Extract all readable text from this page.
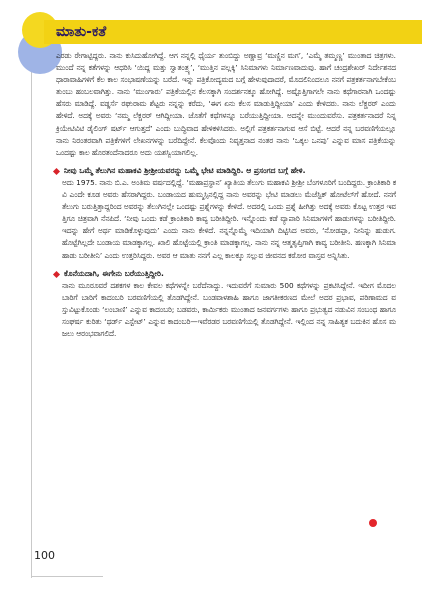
ಮಾತು-ಕತೆ

ಎರಡು ರೇಗಾಟ್ಟಿದ್ದರು. ನಾನು ಕುಸಿದುಹೋಗಿದ್ದೆ. ಆಗ ನನ್ನಲ್ಲಿ ಧೈರ್ಯ ತುಂಬಿದ್ದು ಅಣ್ಣಾವ್ರ ‘ಮಣ್ಣಿನ ಮಗ’, ‘ಎಮ್ಮೆ ತಮ್ಮಣ್ಣ’ ಮುಂತಾದ ಚಿತ್ರಗಳು. ಮುಂದೆ ನನ್ನ ಕತೆಗಳನ್ನು ಆಧರಿಸಿ ‘ಯಿದ್ದ ಮತ್ತು ಸ್ವಾತಂತ್ರ್ಯ’, ‘ಮುತ್ತಿನ ಪಲ್ಲಕ್ಕಿ’ ಸಿನಿಮಾಗಳು ನಿರ್ಮಾಣವಾದುವು. ಹಾಗೆ ಚಂದ್ರಶೇಖರ್ ನಿರ್ದೇಶನದ ಧಾರಾವಾಹಿಗಳಿಗೆ ಕೆಲ ಕಾಲ ಸಂಭಾಷಣೆಯನ್ನು ಬರೆದೆ. ಇನ್ನು ಪತ್ರಿಕೋದ್ಯಮದ ಬಗ್ಗೆ ಹೇಳುವುದಾದರೆ, ಮೊದಲಿನಿಂದಲೂ ನನಗೆ ಪತ್ರಕರ್ತನಾಗಬೇಕೆಂಬ ತುಂಬು ಹಂಬಲವಾಗಿತ್ತು. ನಾನು ‘ಮುಂಗಾರು’ ಪತ್ರಿಕೆಯಲ್ಲಿನ ಕೆಲಸಕ್ಕಾಗಿ ಸಂದರ್ಶನಕ್ಕೂ ಹೋಗಿದ್ದೆ. ಅಷ್ಟೊತ್ತಿಗಾಗಲೇ ನಾನು ಕಥೆಗಾರನಾಗಿ ಒಂದಷ್ಟು ಹೆಸರು ಮಾಡಿದ್ದೆ. ವಡ್ಡರ್ಸೆ ರಘುರಾಮ ಶೆಟ್ಟರು ನನ್ನನ್ನು ಕರೆದು, ‘ಈಗ ಏನು ಕೆಲಸ ಮಾಡುತ್ತಿದ್ದೀಯಾ’ ಎಂದು ಕೇಳಿದರು. ನಾನು ಲೆಕ್ಚರರ್ ಎಂದು ಹೇಳಿದೆ. ಅದಕ್ಕೆ ಅವರು ‘ನಮ್ಮ ಲೆಕ್ಚರರ್ ಆಗಿದ್ದೀಯಾ. ಜೊತೆಗೆ ಕಥೆಗಳನ್ನೂ ಬರೆಯುತ್ತಿದ್ದೀಯಾ. ಅದನ್ನೇ ಮುಂದುವರೆಸು. ಪತ್ರಕರ್ತನಾದರೆ ನಿನ್ನ ಕ್ರಿಯೇಟಿವಿಟಿ ಡೈಲಿಂಗ್ ಷರ್ಟ್ ಆಗುತ್ತದೆ’ ಎಂದು ಬುದ್ಧಿವಾದ ಹೇಳಿಕಳಿಸಿದರು. ಅಲ್ಲಿಗೆ ಪತ್ರಕರ್ತನಾಗುವ ಆಸೆ ಬಿಟ್ಟೆ. ಆದರೆ ನನ್ನ ಬರವಣಿಗೆಯಲ್ಲೂ ನಾನು ನಿರಂತರವಾಗಿ ಪತ್ರಿಕೆಗಳಿಗೆ ಲೇಖನಗಳನ್ನು ಬರೆದಿದ್ದೇನೆ. ಕೆಲವೊಂದು ನಿವೃತ್ತನಾದ ನಂತರ ನಾನು ‘ಒಕ್ಕಲ ಒನಪು’ ಎನ್ನುವ ಮಾಸ ಪತ್ರಿಕೆಯನ್ನು ಒಂದಷ್ಟು ಕಾಲ ಹೊರತಂದೆನಾದರೂ ಅದು ಯಶಸ್ವಿಯಾಗಲಿಲ್ಲ.

ನೀವು ಒಮ್ಮೆ ತೆಲುಗಿನ ಮಹಾಕವಿ ಶ್ರೀಶ್ರೀಯವರನ್ನು ಒಮ್ಮೆ ಭೇಟಿ ಮಾಡಿದ್ದಿರಿ. ಆ ಪ್ರಸಂಗದ ಬಗ್ಗೆ ಹೇಳಿ.

ಅದು 1975. ನಾನು ಬಿ.ಎ. ಅಂತಿಮ ವರ್ಷದಲ್ಲಿದ್ದೆ. ‘ಮಹಾಪ್ರಸ್ಥಾನ’ ಖ್ಯಾತಿಯ ತೆಲುಗು ಮಹಾಕವಿ ಶ್ರೀಶ್ರೀ ಬೆಂಗಳೂರಿಗೆ ಬಂದಿದ್ದರು. ಕ್ರಾಂತಿಕಾರಿ ಕವಿ ಎಂದೇ ಕೂಡ ಅವರು ಹೆಸರಾಗಿದ್ದರು. ಬಂಡಾಯದ ಹುಮ್ಮಸ್ಸಿನಲ್ಲಿದ್ದ ನಾನು ಅವರನ್ನು ಭೇಟಿ ಮಾಡಲು ಮೆಜೆಸ್ಟಿಕ್ ಹೋಟೆಲ್‌ಗೆ ಹೋದೆ. ನನಗೆ ತೆಲುಗು ಬರುತ್ತಿತ್ತಾದ್ದರಿಂದ ಅವರನ್ನು ತೆಲುಗಿನಲ್ಲೇ ಒಂದಷ್ಟು ಪ್ರಶ್ನೆಗಳನ್ನು ಕೇಳಿದೆ. ಅದರಲ್ಲಿ ಒಂದು ಪ್ರಶ್ನೆ ಹೀಗಿತ್ತು ಅದಕ್ಕೆ ಅವರು ಕೊಟ್ಟ ಉತ್ತರ ಇವತ್ತಿಗೂ ಚಿತ್ರವಾಗಿ ನೆನಪಿದೆ. ‘ನೀವು ಒಂದು ಕಡೆ ಕ್ರಾಂತಿಕಾರಿ ಕಾವ್ಯ ಬರೀತಿದ್ದೀರಿ. ಇನ್ನೊಂದು ಕಡೆ ವ್ಯಾಪಾರಿ ಸಿನಿಮಾಗಳಿಗೆ ಹಾಡುಗಳನ್ನು ಬರೀತಿದ್ದೀರಿ. ಇದನ್ನು ಹೇಗೆ ಅರ್ಥ ಮಾಡಿಕೊಳ್ಳುವುದು’ ಎಂದು ನಾನು ಕೇಳಿದೆ. ನನ್ನನ್ನೊಮ್ಮೆ ಇದಿಯಾಗಿ ದಿಟ್ಟಿಸಿದ ಅವರು, ‘ನೋಡಪ್ಪಾ, ನೀನಿನ್ನು ಹುಡುಗ. ಹೊಟ್ಟೆಗಿಲ್ಲದೇ ಬಂಡಾಯ ಮಾಡಕ್ಕಾಗಲ್ಲ. ಖಾಲಿ ಹೊಟ್ಟೆಯಲ್ಲಿ ಕ್ರಾಂತಿ ಮಾಡಕ್ಕಾಗಲ್ಲ. ನಾನು ನನ್ನ ಆತ್ಮತೃಪ್ತಿಗಾಗಿ ಕಾವ್ಯ ಬರೀತೀನಿ. ಹಣಕ್ಕಾಗಿ ಸಿನಿಮಾ ಹಾಡು ಬರೀತೀನಿ’ ಎಂದು ಉತ್ತರಿಸಿದ್ದರು. ಅವರ ಆ ಮಾತು ನನಗೆ ಎಲ್ಲ ಕಾಲಕ್ಕೂ ಸಲ್ಲುವ ಜೀವನದ ಕಠೋರ ವಾಸ್ತವ ಅನ್ನಿಸಿತು.

ಕೊನೆಯದಾಗಿ, ಈಗೇನು ಬರೆಯುತ್ತಿದ್ದೀರಿ.

ನಾನು ಮೂರೂವರೆ ದಶಕಗಳ ಕಾಲ ಕೇವಲ ಕಥೆಗಳನ್ನೇ ಬರೆದೆನಾದ್ದು. ಇದುವರೆಗೆ ಸುಮಾರು 500 ಕಥೆಗಳನ್ನು ಪ್ರಕಟಿಸಿದ್ದೇನೆ. ಇದೀಗ ಮೊದಲಬಾರಿಗೆ ಬಾರಿಗೆ ಕಾದಂಬರಿ ಬರವಣಿಗೆಯಲ್ಲಿ ತೊಡಗಿದ್ದೇನೆ. ಬಂಡವಾಳಶಾಹಿ ಹಾಗೂ ಜಾಗತೀಕರಣದ ಮೇಲೆ ಅದರ ಪ್ರಭಾವ, ಪರಿಣಾಮದ ವಸ್ತುವಿಟ್ಟುಕೊಂಡು ‘ಲಂಬಾಣಿ’ ಎನ್ನುವ ಕಾದಂಬರಿ; ಬಡವರು, ಕಾರ್ಮಿಕರು ಮುಂತಾದ ಜನವರ್ಗಗಳು ಹಾಗೂ ಪ್ರಭುತ್ವದ ನಡುವಿನ ಸಂಬಂಧ ಹಾಗೂ ಸಂಘರ್ಷ ಕುರಿತು ‘ಥರ್ಡ್ ಎಸ್ಟೇಟ್’ ಎನ್ನುವ ಕಾದಂಬರಿ—ಇವೆರಡರ ಬರವಣಿಗೆಯಲ್ಲಿ ತೊಡಗಿದ್ದೇನೆ. ಇಲ್ಲಿಂದ ನನ್ನ ಸಾಹಿತ್ಯಕ ಬದುಕಿನ ಹೊಸ ಮಜಲು ಆರಂಭವಾಗಲಿದೆ.

100
